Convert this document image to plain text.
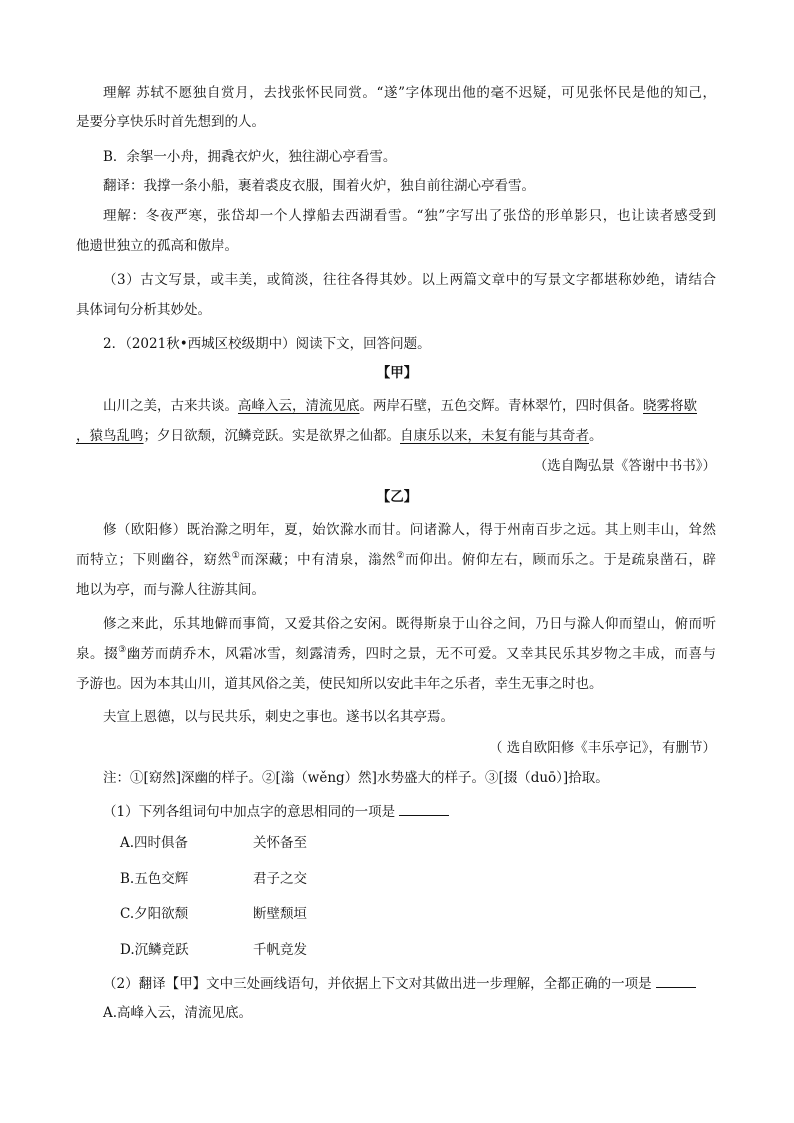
理解 苏轼不愿独自赏月，去找张怀民同赏。“遂”字体现出他的毫不迟疑，可见张怀民是他的知己，
是要分享快乐时首先想到的人。
B．余挐一小舟，拥毳衣炉火，独往湖心亭看雪。
翻译：我撑一条小船，裹着裘皮衣服，围着火炉，独自前往湖心亭看雪。
理解：冬夜严寒，张岱却一个人撑船去西湖看雪。“独”字写出了张岱的形单影只，也让读者感受到
他遗世独立的孤高和傲岸。
（3）古文写景，或丰美，或简淡，往往各得其妙。以上两篇文章中的写景文字都堪称妙绝，请结合
具体词句分析其妙处。
2．（2021秋•西城区校级期中）阅读下文，回答问题。
【甲】
山川之美，古来共谈。高峰入云，清流见底。两岸石壁，五色交辉。青林翠竹，四时俱备。晓雾将歇
，猿鸟乱鸣；夕日欲颓，沉鳞竞跃。实是欲界之仙都。自康乐以来，未复有能与其奇者。
（选自陶弘景《答谢中书书》）
【乙】
修（欧阳修）既治滁之明年，夏，始饮滁水而甘。问诸滁人，得于州南百步之远。其上则丰山，耸然
而特立；下则幽谷，窈然①而深藏；中有清泉，滃然②而仰出。俯仰左右，顾而乐之。于是疏泉凿石，辟
地以为亭，而与滁人往游其间。
修之来此，乐其地僻而事简，又爱其俗之安闲。既得斯泉于山谷之间，乃日与滁人仰而望山，俯而听
泉。掇③幽芳而荫乔木，风霜冰雪，刻露清秀，四时之景，无不可爱。又幸其民乐其岁物之丰成，而喜与
予游也。因为本其山川，道其风俗之美，使民知所以安此丰年之乐者，幸生无事之时也。
夫宣上恩德，以与民共乐，刺史之事也。遂书以名其亭焉。
（ 选自欧阳修《丰乐亭记》，有删节）
注：①[窈然]深幽的样子。②[滃（wěng）然]水势盛大的样子。③[掇（duō）]拾取。
（1）下列各组词句中加点字的意思相同的一项是
A.四时俱备	关怀备至
B.五色交辉	君子之交
C.夕阳欲颓	断壁颓垣
D.沉鳞竞跃	千帆竞发
（2）翻译【甲】文中三处画线语句，并依据上下文对其做出进一步理解，全都正确的一项是
A.高峰入云，清流见底。
